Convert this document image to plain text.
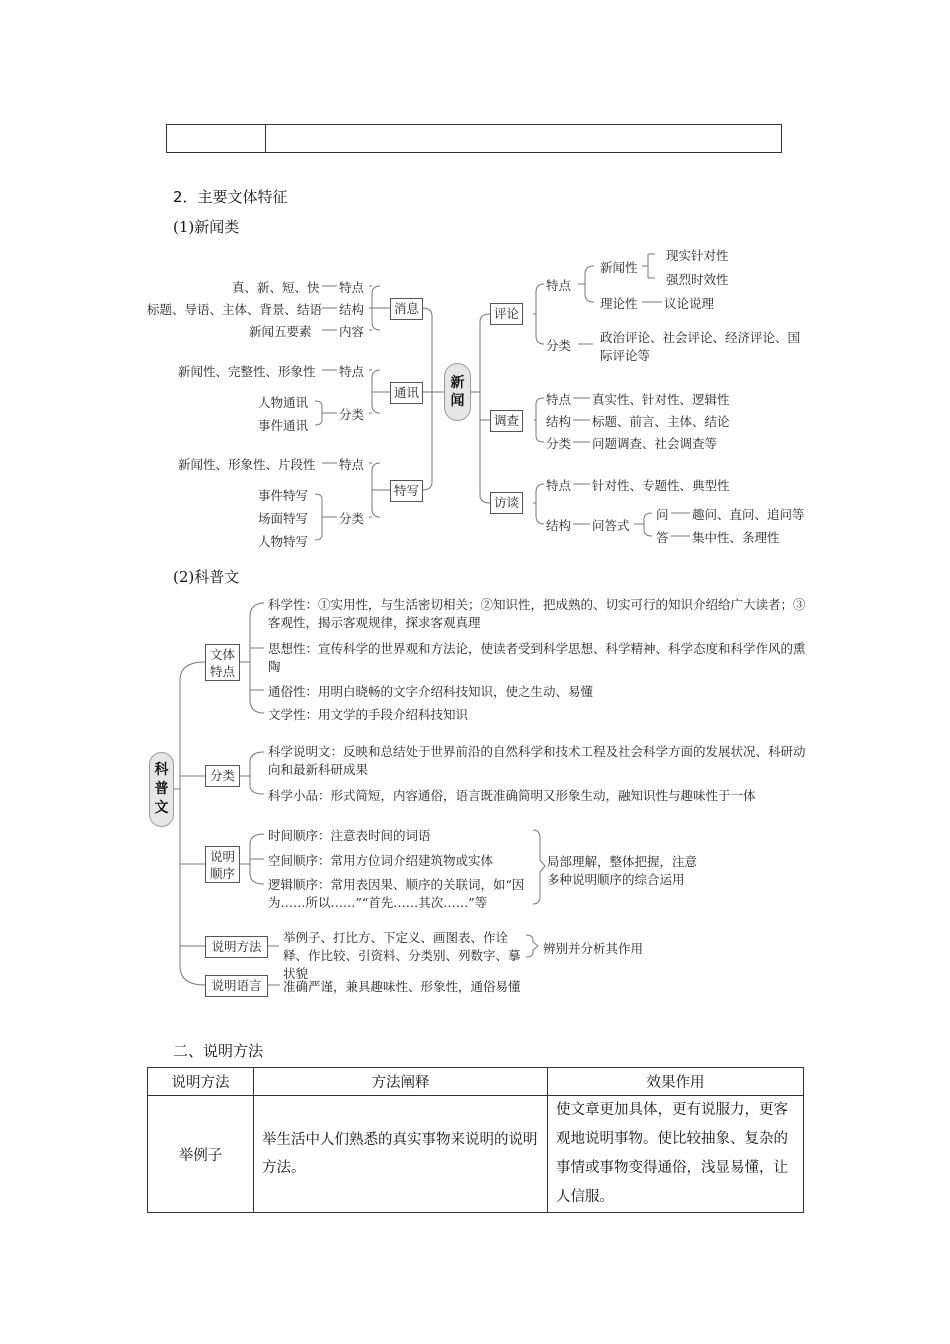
2．主要文体特征
(1)新闻类
真、新、短、快 特点
标题、导语、主体、背景、结语 结构
新闻五要素 内容
消息
新闻性、完整性、形象性 特点
人物通讯
事件通讯
分类
通讯
新闻性、形象性、片段性 特点
事件特写
场面特写
人物特写
分类
特写
新闻
评论
特点
新闻性
现实针对性
强烈时效性
理论性 议论说理
分类
政治评论、社会评论、经济评论、国际评论等
调查
特点 真实性、针对性、逻辑性
结构 标题、前言、主体、结论
分类 问题调查、社会调查等
访谈
特点 针对性、专题性、典型性
结构 问答式
问 趣问、直问、追问等
答 集中性、条理性
(2)科普文
科普文
文体特点
科学性：①实用性，与生活密切相关；②知识性，把成熟的、切实可行的知识介绍给广大读者；③客观性，揭示客观规律，探求客观真理
思想性：宣传科学的世界观和方法论，使读者受到科学思想、科学精神、科学态度和科学作风的熏陶
通俗性：用明白晓畅的文字介绍科技知识，使之生动、易懂
文学性：用文学的手段介绍科技知识
分类
科学说明文：反映和总结处于世界前沿的自然科学和技术工程及社会科学方面的发展状况、科研动向和最新科研成果
科学小品：形式简短，内容通俗，语言既准确简明又形象生动，融知识性与趣味性于一体
说明顺序
时间顺序：注意表时间的词语
空间顺序：常用方位词介绍建筑物或实体
逻辑顺序：常用表因果、顺序的关联词，如“因为……所以……”“首先……其次……”等
局部理解，整体把握，注意多种说明顺序的综合运用
说明方法
举例子、打比方、下定义、画图表、作诠释、作比较、引资料、分类别、列数字、摹状貌
辨别并分析其作用
说明语言	准确严谨，兼具趣味性、形象性，通俗易懂
二、说明方法
说明方法	方法阐释	效果作用
举例子	举生活中人们熟悉的真实事物来说明的说明方法。	使文章更加具体，更有说服力，更客观地说明事物。使比较抽象、复杂的事情或事物变得通俗，浅显易懂，让人信服。
